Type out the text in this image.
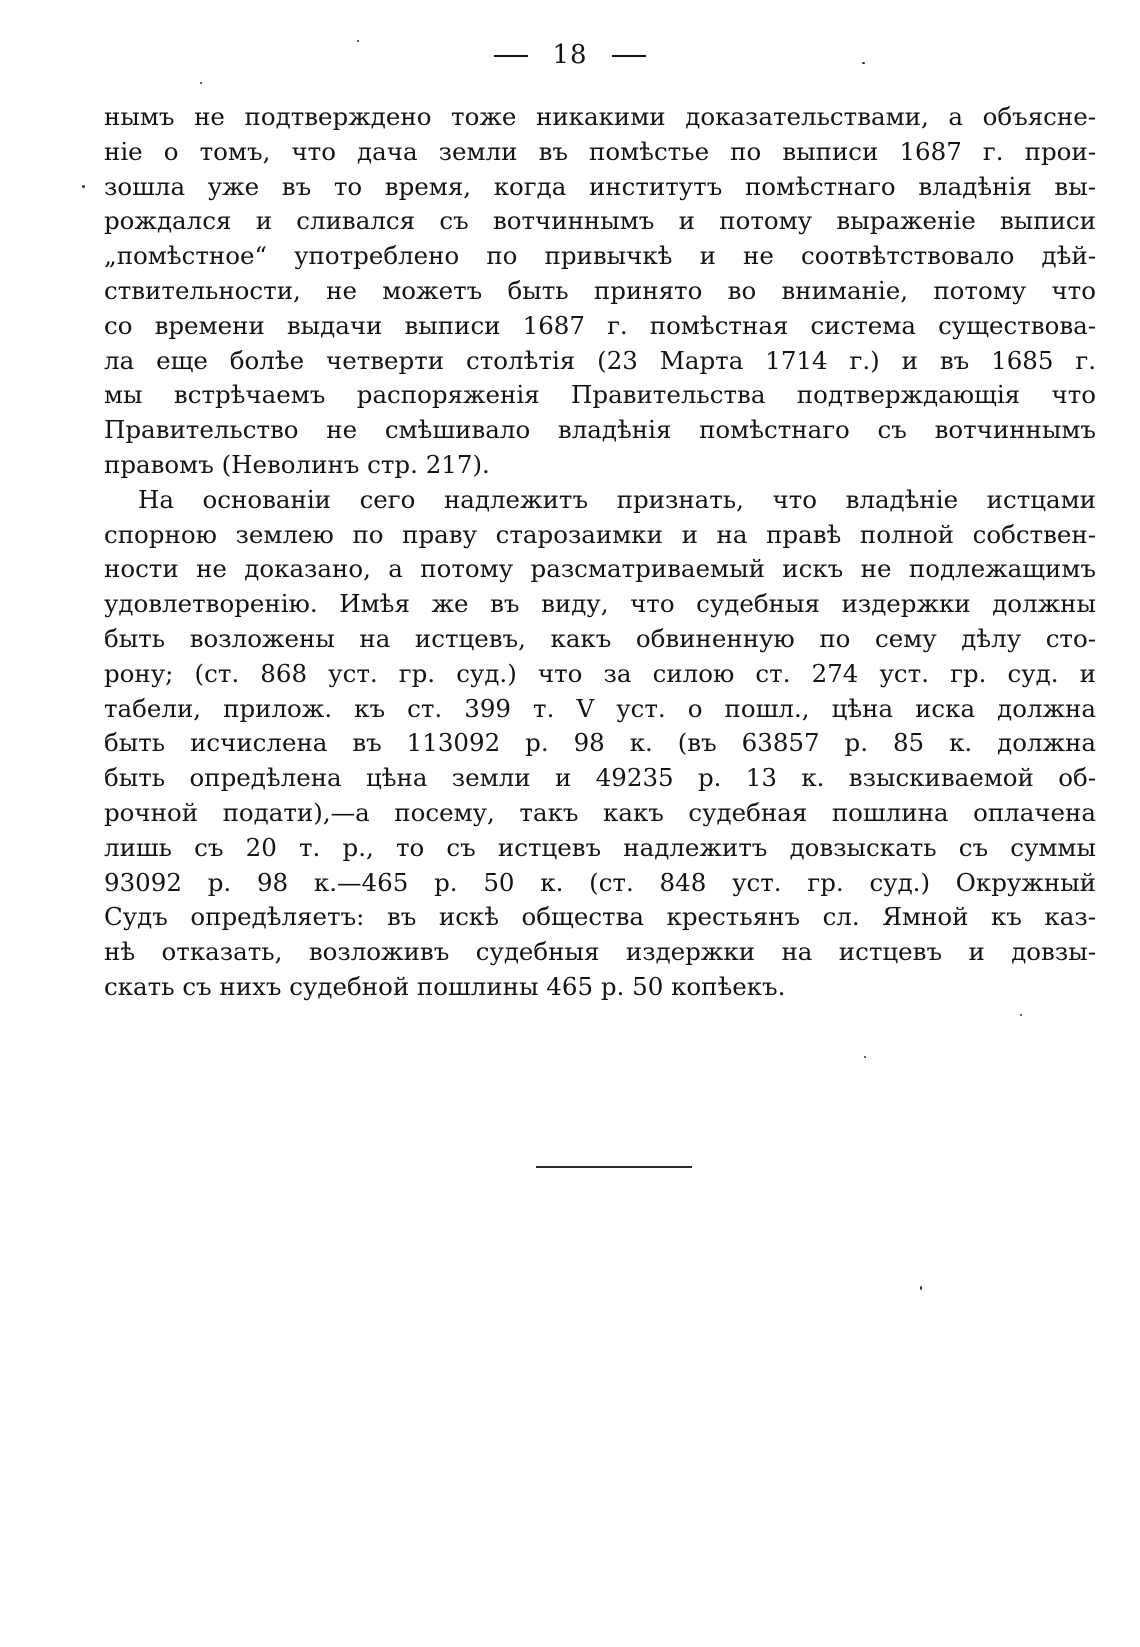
18
нымъ не подтверждено тоже никакими доказательствами, а объясне-
ніе о томъ, что дача земли въ помѣстье по выписи 1687 г. прои-
зошла уже въ то время, когда институтъ помѣстнаго владѣнія вы-
рождался и сливался съ вотчиннымъ и потому выраженіе выписи
„помѣстное“ употреблено по привычкѣ и не соотвѣтствовало дѣй-
ствительности, не можетъ быть принято во вниманіе, потому что
со времени выдачи выписи 1687 г. помѣстная система существова-
ла еще болѣе четверти столѣтія (23 Марта 1714 г.) и въ 1685 г.
мы встрѣчаемъ распоряженія Правительства подтверждающія что
Правительство не смѣшивало владѣнія помѣстнаго съ вотчиннымъ
правомъ (Неволинъ стр. 217).
На основаніи сего надлежитъ признать, что владѣніе истцами
спорною землею по праву старозаимки и на правѣ полной собствен-
ности не доказано, а потому разсматриваемый искъ не подлежащимъ
удовлетворенію. Имѣя же въ виду, что судебныя издержки должны
быть возложены на истцевъ, какъ обвиненную по сему дѣлу сто-
рону; (ст. 868 уст. гр. суд.) что за силою ст. 274 уст. гр. суд. и
табели, прилож. къ ст. 399 т. V уст. о пошл., цѣна иска должна
быть исчислена въ 113092 р. 98 к. (въ 63857 р. 85 к. должна
быть опредѣлена цѣна земли и 49235 р. 13 к. взыскиваемой об-
рочной подати),—а посему, такъ какъ судебная пошлина оплачена
лишь съ 20 т. р., то съ истцевъ надлежитъ довзыскать съ суммы
93092 р. 98 к.—465 р. 50 к. (ст. 848 уст. гр. суд.) Окружный
Судъ опредѣляетъ: въ искѣ общества крестьянъ сл. Ямной къ каз-
нѣ отказать, возложивъ судебныя издержки на истцевъ и довзы-
скать съ нихъ судебной пошлины 465 р. 50 копѣекъ.
